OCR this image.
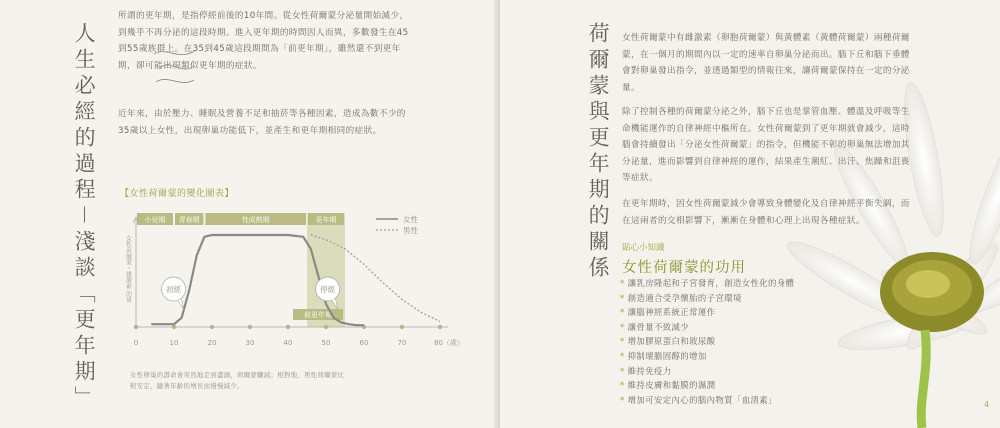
人生必經的過程－淺談「更年期」

所謂的更年期，是指停經前後的10年間。從女性荷爾蒙分泌量開始減少，到幾乎不再分泌的這段時期。進入更年期的時間因人而異，多數發生在45到55歲族群上。在35到45歲這段期間為「前更年期」，雖然還不到更年期，卻可能出現類似更年期的症狀。

近年來，由於壓力、睡眠及營養不足和抽菸等各種因素，造成為數不少的35歲以上女性，出現卵巢功能低下，並產生和更年期相同的症狀。

【女性荷爾蒙的變化圖表】
小兒期 青春期	性成熟期	更年期
女性荷爾蒙・雄激素 的量
0	10	20	30	40	50	60	70	80（歲）
前更年期
初經	停經
女性
男性

女性卵巢的壽命會突然地走到盡頭，荷爾蒙驟減；相對地，男性荷爾蒙比較安定，隨著年齡的增長而慢慢減少。

荷爾蒙與更年期的關係 女性荷爾蒙中有雌激素（卵胞荷爾蒙）與黃體素（黃體荷爾蒙）兩種荷爾蒙，在一個月的期間內以一定的速率自卵巢分泌而出。腦下丘和腦下垂體會對卵巢發出指令，並透過類型的情報往來，讓荷爾蒙保持在一定的分泌量。

除了控制各種的荷爾蒙分泌之外，腦下丘也是掌管血壓、體溫及呼吸等生命機能運作的自律神經中樞所在。女性荷爾蒙到了更年期就會減少，這時腦會持續發出「分泌女性荷爾蒙」的指令，但機能不彰的卵巢無法增加其分泌量，進而影響到自律神經的運作，結果產生潮紅、出汗、焦躁和沮喪等症狀。

在更年期時，因女性荷爾蒙減少會導致身體變化及自律神經平衡失調，而在這兩者的交相影響下，漸漸在身體和心理上出現各種症狀。

貼心小知識
女性荷爾蒙的功用
* 讓乳房隆起和子宮發育，創造女性化的身體
* 創造適合受孕懷胎的子宮環境
* 讓腦神經系統正常運作
* 讓骨量不致減少
* 增加膠原蛋白和玻尿酸
* 抑制壞膽固醇的增加
* 維持免疫力
* 維持皮膚和黏膜的濕潤
* 增加可安定內心的腦內物質「血清素」	4
